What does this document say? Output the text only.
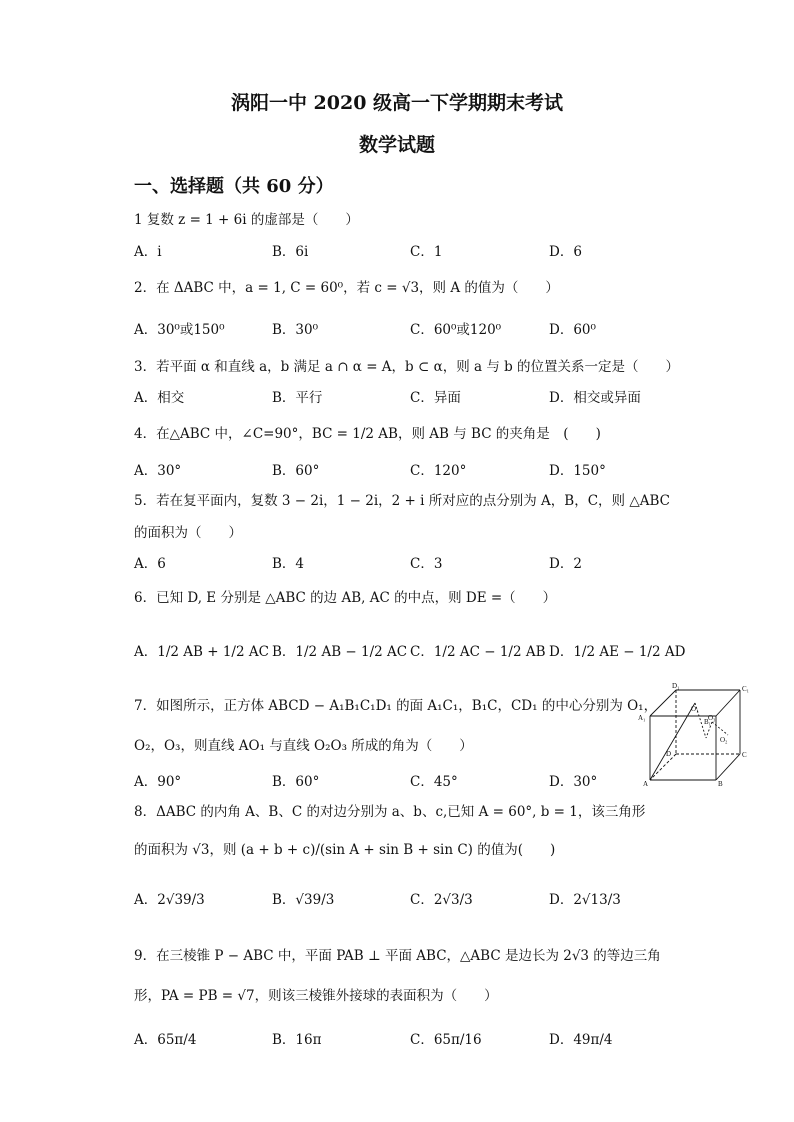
涡阳一中 2020 级高一下学期期末考试
数学试题
一、选择题（共 60 分）
1 复数 z = 1 + 6i 的虚部是（　　）
A．i	B．6i	C．1	D．6
2．在 ΔABC 中，a = 1, C = 60⁰，若 c = √3，则 A 的值为（　　）
A．30⁰或150⁰	B．30⁰	C．60⁰或120⁰	D．60⁰
3．若平面 α 和直线 a，b 满足 a ∩ α = A，b ⊂ α，则 a 与 b 的位置关系一定是（　　）
A．相交	B．平行	C．异面	D．相交或异面
4．在△ABC 中，∠C=90°，BC = 1/2 AB，则 AB 与 BC 的夹角是　(　　)
A．30°	B．60°	C．120°	D．150°
5．若在复平面内，复数 3 − 2i，1 − 2i，2 + i 所对应的点分别为 A，B，C，则 △ABC
的面积为（　　）
A．6	B．4	C．3	D．2
6．已知 D, E 分别是 △ABC 的边 AB, AC 的中点，则 DE =（　　）
A．1/2 AB + 1/2 AC B．1/2 AB − 1/2 AC C．1/2 AC − 1/2 AB D．1/2 AE − 1/2 AD
7．如图所示，正方体 ABCD − A₁B₁C₁D₁ 的面 A₁C₁，B₁C，CD₁ 的中心分别为 O₁，
O₂，O₃，则直线 AO₁ 与直线 O₂O₃ 所成的角为（　　）
A．90°	B．60°	C．45°	D．30°
D₁	C₁
A₁	B₁
O₁
O₃
O₂
D	C
A	B
8．ΔABC 的内角 A、B、C 的对边分别为 a、b、c,已知 A = 60°, b = 1，该三角形
的面积为 √3，则 (a + b + c)/(sin A + sin B + sin C) 的值为(　　)
A．2√39/3	B．√39/3	C．2√3/3	D．2√13/3
9．在三棱锥 P − ABC 中，平面 PAB ⊥ 平面 ABC，△ABC 是边长为 2√3 的等边三角
形，PA = PB = √7，则该三棱锥外接球的表面积为（　　）
A．65π/4	B．16π	C．65π/16	D．49π/4
